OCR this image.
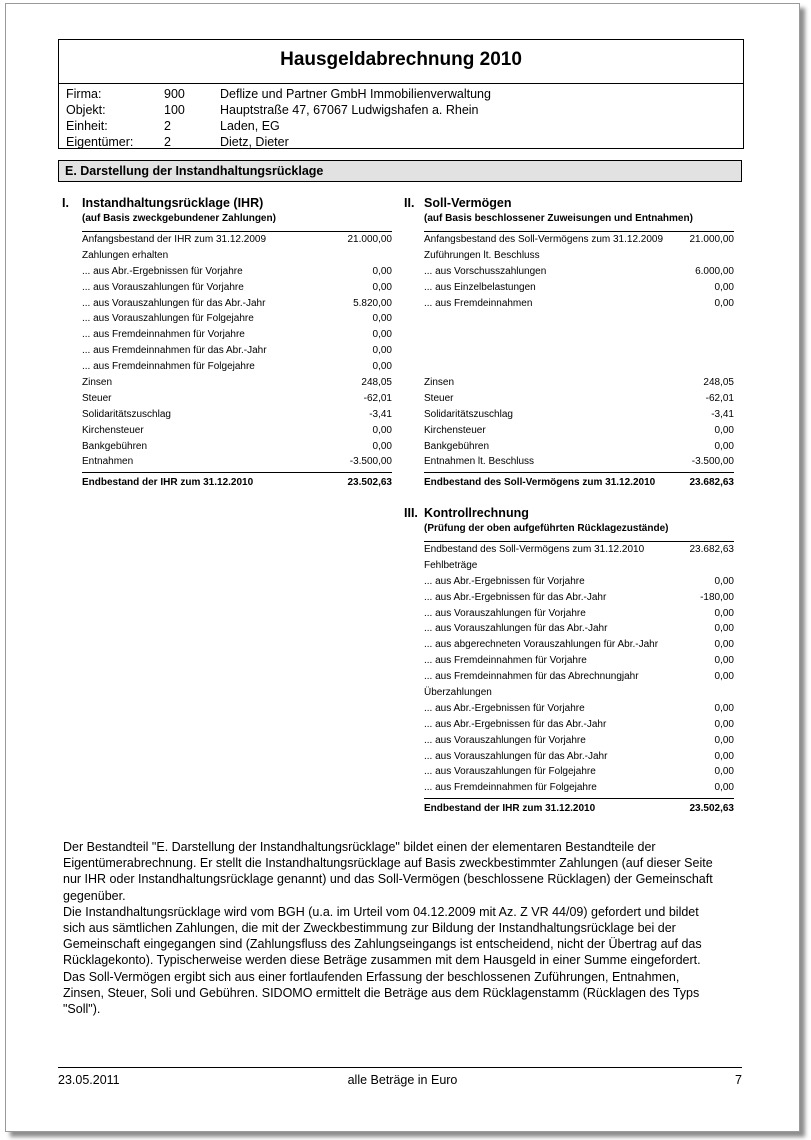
Hausgeldabrechnung 2010
Firma:	900	Deflize und Partner GmbH Immobilienverwaltung
Objekt:	100	Hauptstraße 47, 67067 Ludwigshafen a. Rhein
Einheit:	2	Laden, EG
Eigentümer: 2	Dietz, Dieter
E. Darstellung der Instandhaltungsrücklage
I. Instandhaltungsrücklage (IHR)
(auf Basis zweckgebundener Zahlungen)
Anfangsbestand der IHR zum 31.12.2009	21.000,00
Zahlungen erhalten
... aus Abr.-Ergebnissen für Vorjahre	0,00
... aus Vorauszahlungen für Vorjahre	0,00
... aus Vorauszahlungen für das Abr.-Jahr	5.820,00
... aus Vorauszahlungen für Folgejahre	0,00
... aus Fremdeinnahmen für Vorjahre	0,00
... aus Fremdeinnahmen für das Abr.-Jahr	0,00
... aus Fremdeinnahmen für Folgejahre	0,00
Zinsen	248,05
Steuer	-62,01
Solidaritätszuschlag	-3,41
Kirchensteuer	0,00
Bankgebühren	0,00
Entnahmen	-3.500,00
Endbestand der IHR zum 31.12.2010	23.502,63
II. Soll-Vermögen
(auf Basis beschlossener Zuweisungen und Entnahmen)
Anfangsbestand des Soll-Vermögens zum 31.12.2009	21.000,00
Zuführungen lt. Beschluss
... aus Vorschusszahlungen	6.000,00
... aus Einzelbelastungen	0,00
... aus Fremdeinnahmen	0,00
Zinsen	248,05
Steuer	-62,01
Solidaritätszuschlag	-3,41
Kirchensteuer	0,00
Bankgebühren	0,00
Entnahmen lt. Beschluss	-3.500,00
Endbestand des Soll-Vermögens zum 31.12.2010	23.682,63
III. Kontrollrechnung
(Prüfung der oben aufgeführten Rücklagezustände)
Endbestand des Soll-Vermögens zum 31.12.2010	23.682,63
Fehlbeträge
... aus Abr.-Ergebnissen für Vorjahre	0,00
... aus Abr.-Ergebnissen für das Abr.-Jahr	-180,00
... aus Vorauszahlungen für Vorjahre	0,00
... aus Vorauszahlungen für das Abr.-Jahr	0,00
... aus abgerechneten Vorauszahlungen für Abr.-Jahr	0,00
... aus Fremdeinnahmen für Vorjahre	0,00
... aus Fremdeinnahmen für das Abrechnungjahr	0,00
Überzahlungen
... aus Abr.-Ergebnissen für Vorjahre	0,00
... aus Abr.-Ergebnissen für das Abr.-Jahr	0,00
... aus Vorauszahlungen für Vorjahre	0,00
... aus Vorauszahlungen für das Abr.-Jahr	0,00
... aus Vorauszahlungen für Folgejahre	0,00
... aus Fremdeinnahmen für Folgejahre	0,00
Endbestand der IHR zum 31.12.2010	23.502,63

Der Bestandteil "E. Darstellung der Instandhaltungsrücklage" bildet einen der elementaren Bestandteile der Eigentümerabrechnung. Er stellt die Instandhaltungsrücklage auf Basis zweckbestimmter Zahlungen (auf dieser Seite nur IHR oder Instandhaltungsrücklage genannt) und das Soll-Vermögen (beschlossene Rücklagen) der Gemeinschaft gegenüber.

Die Instandhaltungsrücklage wird vom BGH (u.a. im Urteil vom 04.12.2009 mit Az. Z VR 44/09) gefordert und bildet sich aus sämtlichen Zahlungen, die mit der Zweckbestimmung zur Bildung der Instandhaltungsrücklage bei der Gemeinschaft eingegangen sind (Zahlungsfluss des Zahlungseingangs ist entscheidend, nicht der Übertrag auf das Rücklagekonto). Typischerweise werden diese Beträge zusammen mit dem Hausgeld in einer Summe eingefordert.

Das Soll-Vermögen ergibt sich aus einer fortlaufenden Erfassung der beschlossenen Zuführungen, Entnahmen, Zinsen, Steuer, Soli und Gebühren. SIDOMO ermittelt die Beträge aus dem Rücklagenstamm (Rücklagen des Typs "Soll").

23.05.2011	alle Beträge in Euro	7
